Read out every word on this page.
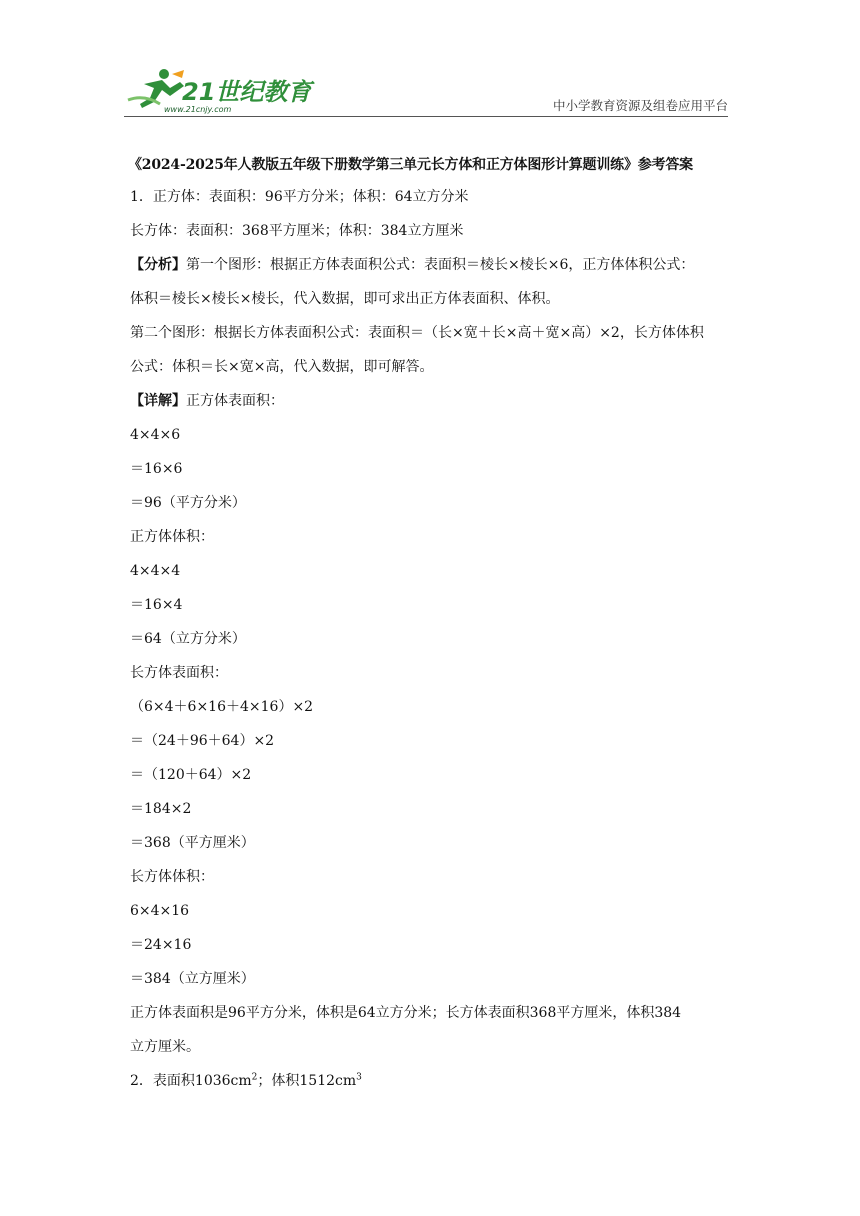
21世纪教育
www.21cnjy.com	中小学教育资源及组卷应用平台
《2024-2025年人教版五年级下册数学第三单元长方体和正方体图形计算题训练》参考答案
1．正方体：表面积：96平方分米；体积：64立方分米
长方体：表面积：368平方厘米；体积：384立方厘米
【分析】第一个图形：根据正方体表面积公式：表面积＝棱长×棱长×6，正方体体积公式：
体积＝棱长×棱长×棱长，代入数据，即可求出正方体表面积、体积。
第二个图形：根据长方体表面积公式：表面积＝（长×宽＋长×高＋宽×高）×2，长方体体积
公式：体积＝长×宽×高，代入数据，即可解答。
【详解】正方体表面积：
4×4×6
＝16×6
＝96（平方分米）
正方体体积：
4×4×4
＝16×4
＝64（立方分米）
长方体表面积：
（6×4＋6×16＋4×16）×2
＝（24＋96＋64）×2
＝（120＋64）×2
＝184×2
＝368（平方厘米）
长方体体积：
6×4×16
＝24×16
＝384（立方厘米）
正方体表面积是96平方分米，体积是64立方分米；长方体表面积368平方厘米，体积384
立方厘米。
2．表面积$1036cm^2$；体积$1512cm^3$
